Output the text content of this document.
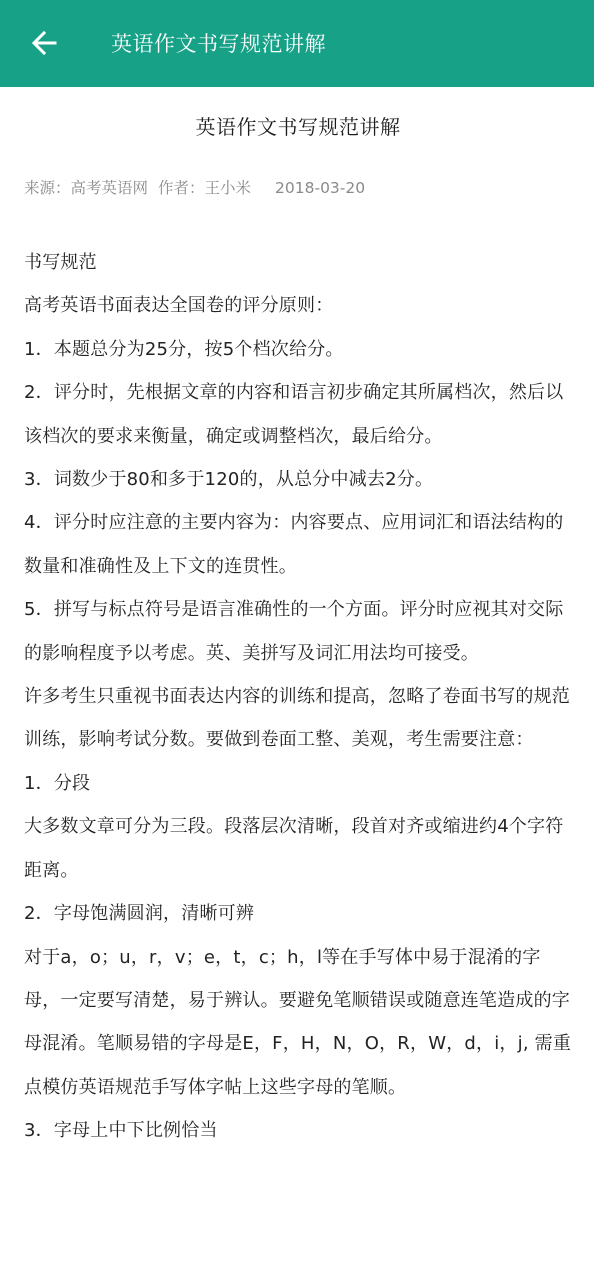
英语作文书写规范讲解
英语作文书写规范讲解
来源：高考英语网 作者：王小米 2018-03-20

书写规范

高考英语书面表达全国卷的评分原则：

1．本题总分为25分，按5个档次给分。

2．评分时，先根据文章的内容和语言初步确定其所属档次，然后以该档次的要求来衡量，确定或调整档次，最后给分。

3．词数少于80和多于120的，从总分中减去2分。

4．评分时应注意的主要内容为：内容要点、应用词汇和语法结构的数量和准确性及上下文的连贯性。

5．拼写与标点符号是语言准确性的一个方面。评分时应视其对交际的影响程度予以考虑。英、美拼写及词汇用法均可接受。

许多考生只重视书面表达内容的训练和提高，忽略了卷面书写的规范训练，影响考试分数。要做到卷面工整、美观，考生需要注意：

1．分段

大多数文章可分为三段。段落层次清晰，段首对齐或缩进约4个字符距离。

2．字母饱满圆润，清晰可辨

对于a，o；u，r，v；e，t，c；h，l等在手写体中易于混淆的字母，一定要写清楚，易于辨认。要避免笔顺错误或随意连笔造成的字母混淆。笔顺易错的字母是E，F，H，N，O，R，W，d，i，j, 需重点模仿英语规范手写体字帖上这些字母的笔顺。

3．字母上中下比例恰当
